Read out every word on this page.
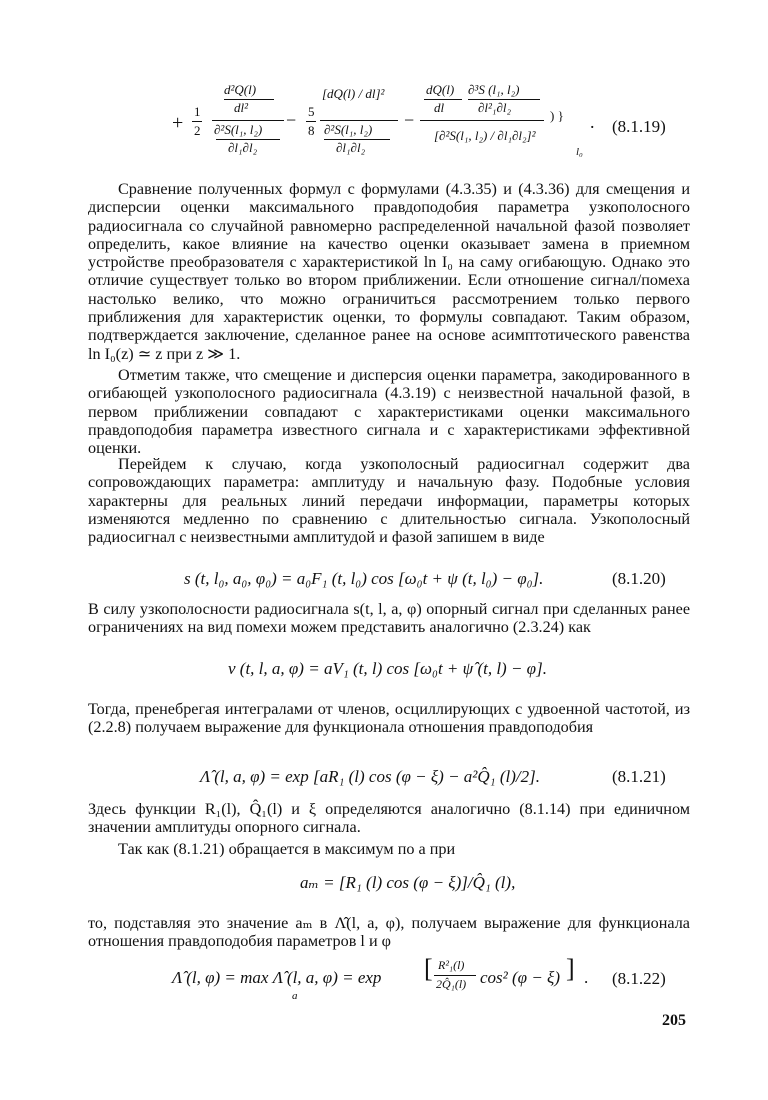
+
1
2
d²Q(l)
dl²
∂²S(l₁, l₂)
∂l₁∂l₂
− 5
8
[dQ(l) / dl]²
∂²S(l₁, l₂)
∂l₁∂l₂
−
dQ(l)
dl
∂³S (l₁, l₂)
∂l²₁∂l₂
[∂²S(l₁, l₂) / ∂l₁∂l₂]²
) }
l₀
. (8.1.19)

Сравнение полученных формул с формулами (4.3.35) и (4.3.36) для смещения и дисперсии оценки максимального правдоподобия параметра узкополосного радиосигнала со случайной равномерно распределенной начальной фазой позволяет определить, какое влияние на качество оценки оказывает замена в приемном устройстве преобразователя с характеристикой ln I₀ на саму огибающую. Однако это отличие существует только во втором приближении. Если отношение сигнал/помеха настолько велико, что можно ограничиться рассмотрением только первого приближения для характеристик оценки, то формулы совпадают. Таким образом, подтверждается заключение, сделанное ранее на основе асимптотического равенства ln I₀(z) ≃ z при z ≫ 1.

Отметим также, что смещение и дисперсия оценки параметра, закодированного в огибающей узкополосного радиосигнала (4.3.19) с неизвестной начальной фазой, в первом приближении совпадают с характеристиками оценки максимального правдоподобия параметра известного сигнала и с характеристиками эффективной оценки.

Перейдем к случаю, когда узкополосный радиосигнал содержит два сопровождающих параметра: амплитуду и начальную фазу. Подобные условия характерны для реальных линий передачи информации, параметры которых изменяются медленно по сравнению с длительностью сигнала. Узкополосный радиосигнал с неизвестными амплитудой и фазой запишем в виде

s (t, l₀, a₀, φ₀) = a₀F₁ (t, l₀) cos [ω₀t + ψ (t, l₀) − φ₀].	(8.1.20)

В силу узкополосности радиосигнала s(t, l, a, φ) опорный сигнал при сделанных ранее ограничениях на вид помехи можем представить аналогично (2.3.24) как

v (t, l, a, φ) = aV₁ (t, l) cos [ω₀t + ψ̂ (t, l) − φ].

Тогда, пренебрегая интегралами от членов, осциллирующих с удвоенной частотой, из (2.2.8) получаем выражение для функционала отношения правдоподобия

Λ̂ (l, a, φ) = exp [aR₁ (l) cos (φ − ξ) − a²Q̂₁ (l)/2].	(8.1.21)

Здесь функции R₁(l), Q̂₁(l) и ξ определяются аналогично (8.1.14) при единичном значении амплитуды опорного сигнала.

Так как (8.1.21) обращается в максимум по a при

aₘ = [R₁ (l) cos (φ − ξ)]/Q̂₁ (l),

то, подставляя это значение aₘ в Λ̂(l, a, φ), получаем выражение для функционала отношения правдоподобия параметров l и φ

Λ̂ (l, φ) = max Λ̂ (l, a, φ) = exp
a
[ R²₁(l)
2Q̂₁(l) cos² (φ − ξ) ] . (8.1.22)
205
